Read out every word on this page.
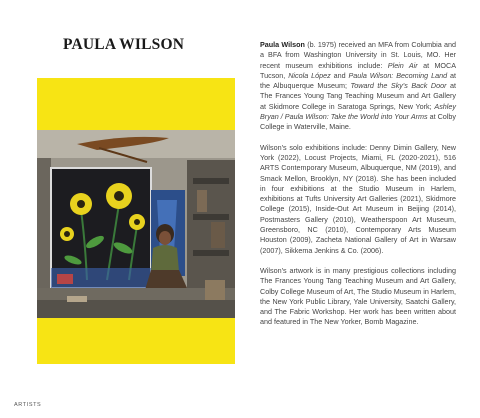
PAULA WILSON	Paula Wilson (b. 1975) received an MFA from Columbia and a BFA from Washington University in St. Louis, MO. Her recent museum exhibitions include: Plein Air at MOCA Tucson, Nicola López and Paula Wilson: Becoming Land at the Albuquerque Museum; Toward the Sky's Back Door at The Frances Young Tang Teaching Museum and Art Gallery at Skidmore College in Saratoga Springs, New York; Ashley Bryan / Paula Wilson: Take the World into Your Arms at Colby College in Waterville, Maine.

Wilson's solo exhibitions include: Denny Dimin Gallery, New York (2022), Locust Projects, Miami, FL (2020-2021), 516 ARTS Contemporary Museum, Albuquerque, NM (2019), and Smack Mellon, Brooklyn, NY (2018). She has been included in four exhibitions at the Studio Museum in Harlem, exhibitions at Tufts University Art Galleries (2021), Skidmore College (2015), Inside-Out Art Museum in Beijing (2014), Postmasters Gallery (2010), Weatherspoon Art Museum, Greensboro, NC (2010), Contemporary Arts Museum Houston (2009), Zacheta National Gallery of Art in Warsaw (2007), Sikkema Jenkins & Co. (2006).

Wilson's artwork is in many prestigious collections including The Frances Young Tang Teaching Museum and Art Gallery, Colby College Museum of Art, The Studio Museum in Harlem, the New York Public Library, Yale University, Saatchi Gallery, and The Fabric Workshop. Her work has been written about and featured in The New Yorker, Bomb Magazine.

ARTISTS
